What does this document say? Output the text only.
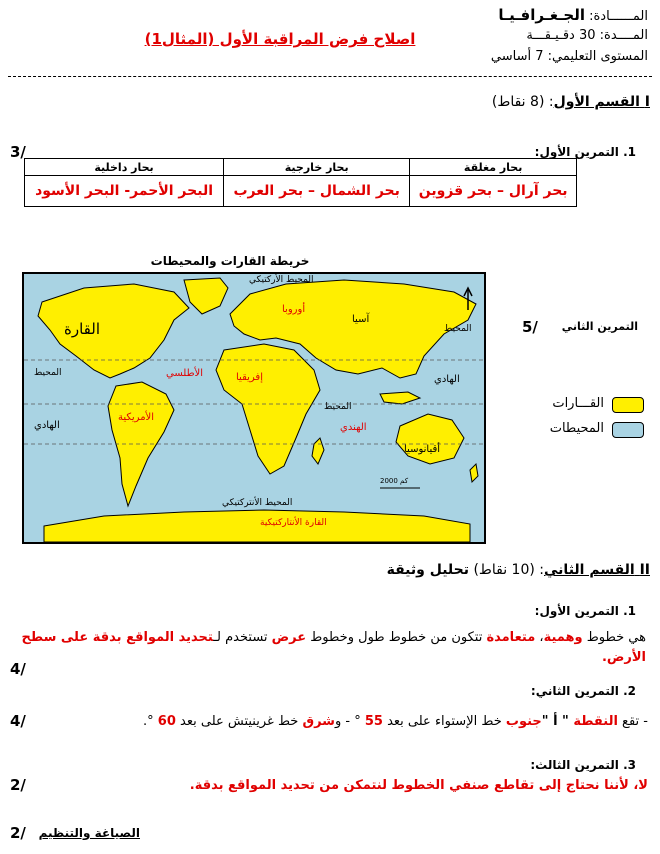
المــــــادة: الجـغـرافـيـا
المــــدة: 30 دقـيـقـــة
المستوى التعليمي: 7 أساسي
اصلاح فرض المراقبة الأول (المثال1)
I القسم الأول: (8 نقاط)
1. التمرين الأول:
3/
بحار مغلقة	بحار خارجية	بحار داخلية
بحر آرال – بحر قزوين	بحر الشمال – بحر العرب	البحر الأحمر- البحر الأسود
خريطة القارات والمحيطات
المحيط الأركتيكي
أوروبا
آسيا
القارة
المحيط
المحيط
الأطلسي	إفريقيا
الهادي
الهادي
الأمريكية
المحيط
الهندي
أقيانوسيا
2000 كم
المحيط الأنتركتيكي
القارة الأنتاركتيكية
التمرين الثاني
5/
القـــارات
المحيطات
II القسم الثاني: (10 نقاط) تحليل وثيقة
1. التمرين الأول:
هي خطوط وهمية، متعامدة تتكون من خطوط طول وخطوط عرض تستخدم لـتحديد المواقع بدقة على سطح الأرض.
4/
2. التمرين الثاني:
- تقع النقطة " أ "جنوب خط الإستواء على بعد 55 ° - وشرق خط غرينيتش على بعد 60 °.
4/
3. التمرين الثالث:
لا، لأننا نحتاج إلى تقاطع صنفي الخطوط لنتمكن من تحديد المواقع بدقة.
2/
الصياغة والتنظيم
2/
